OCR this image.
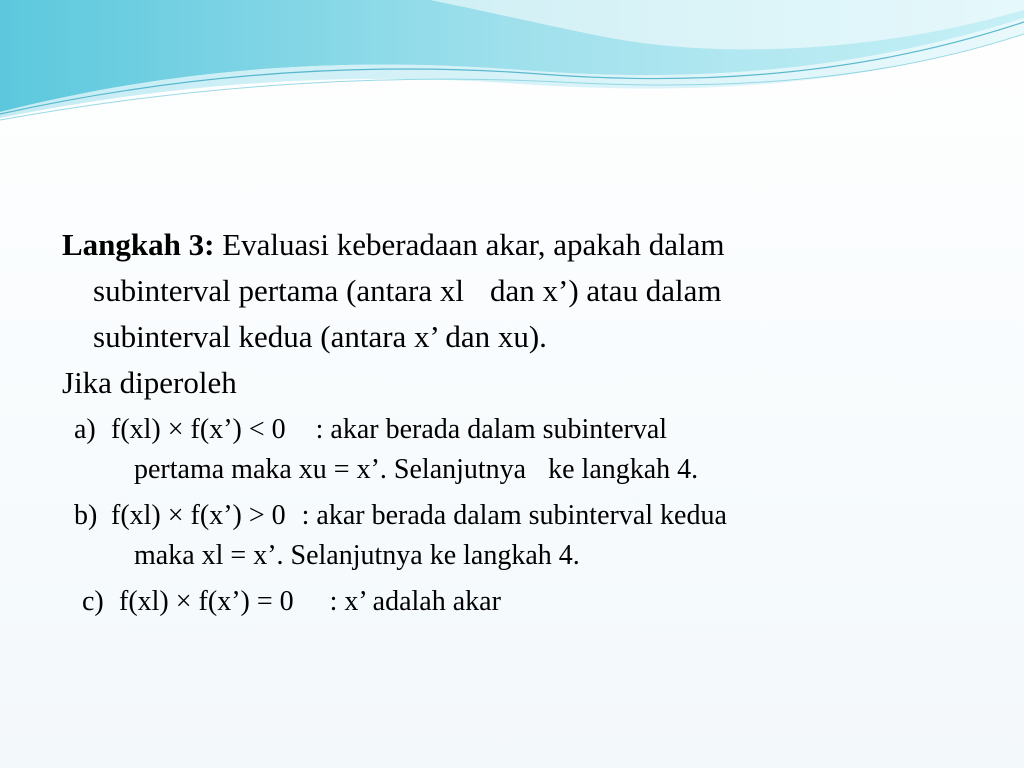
Langkah 3: Evaluasi keberadaan akar, apakah dalam
subinterval pertama (antara xl dan x’) atau dalam
subinterval kedua (antara x’ dan xu).

Jika diperoleh

a) f(xl) × f(x’) < 0 : akar berada dalam subinterval
pertama maka xu = x’. Selanjutnya ke langkah 4.

b) f(xl) × f(x’) > 0 : akar berada dalam subinterval kedua
maka xl = x’. Selanjutnya ke langkah 4.

c) f(xl) × f(x’) = 0 : x’ adalah akar
